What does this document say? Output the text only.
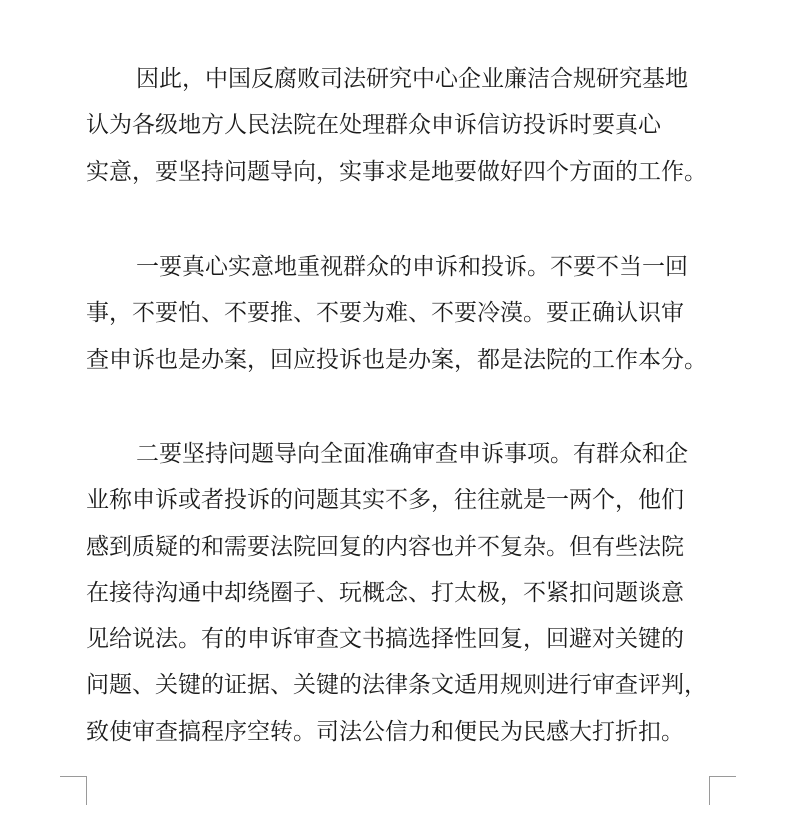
因此，中国反腐败司法研究中心企业廉洁合规研究基地
认为各级地方人民法院在处理群众申诉信访投诉时要真心
实意，要坚持问题导向，实事求是地要做好四个方面的工作。
一要真心实意地重视群众的申诉和投诉。不要不当一回
事，不要怕、不要推、不要为难、不要冷漠。要正确认识审
查申诉也是办案，回应投诉也是办案，都是法院的工作本分。
二要坚持问题导向全面准确审查申诉事项。有群众和企
业称申诉或者投诉的问题其实不多，往往就是一两个，他们
感到质疑的和需要法院回复的内容也并不复杂。但有些法院
在接待沟通中却绕圈子、玩概念、打太极，不紧扣问题谈意
见给说法。有的申诉审查文书搞选择性回复，回避对关键的
问题、关键的证据、关键的法律条文适用规则进行审查评判，
致使审查搞程序空转。司法公信力和便民为民感大打折扣。
